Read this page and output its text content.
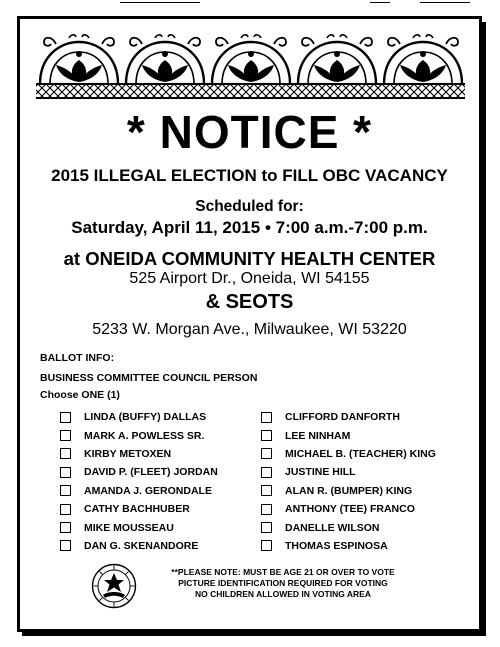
* NOTICE *
2015 ILLEGAL ELECTION to FILL OBC VACANCY
Scheduled for:
Saturday, April 11, 2015 • 7:00 a.m.-7:00 p.m.
at ONEIDA COMMUNITY HEALTH CENTER
525 Airport Dr., Oneida, WI 54155
& SEOTS
5233 W. Morgan Ave., Milwaukee, WI 53220
BALLOT INFO:
BUSINESS COMMITTEE COUNCIL PERSON
Choose ONE (1)
LINDA (BUFFY) DALLAS
MARK A. POWLESS SR.
KIRBY METOXEN
DAVID P. (FLEET) JORDAN
AMANDA J. GERONDALE
CATHY BACHHUBER
MIKE MOUSSEAU
DAN G. SKENANDORE
CLIFFORD DANFORTH
LEE NINHAM
MICHAEL B. (TEACHER) KING
JUSTINE HILL
ALAN R. (BUMPER) KING
ANTHONY (TEE) FRANCO
DANELLE WILSON
THOMAS ESPINOSA
**PLEASE NOTE: MUST BE AGE 21 OR OVER TO VOTE
PICTURE IDENTIFICATION REQUIRED FOR VOTING
NO CHILDREN ALLOWED IN VOTING AREA
